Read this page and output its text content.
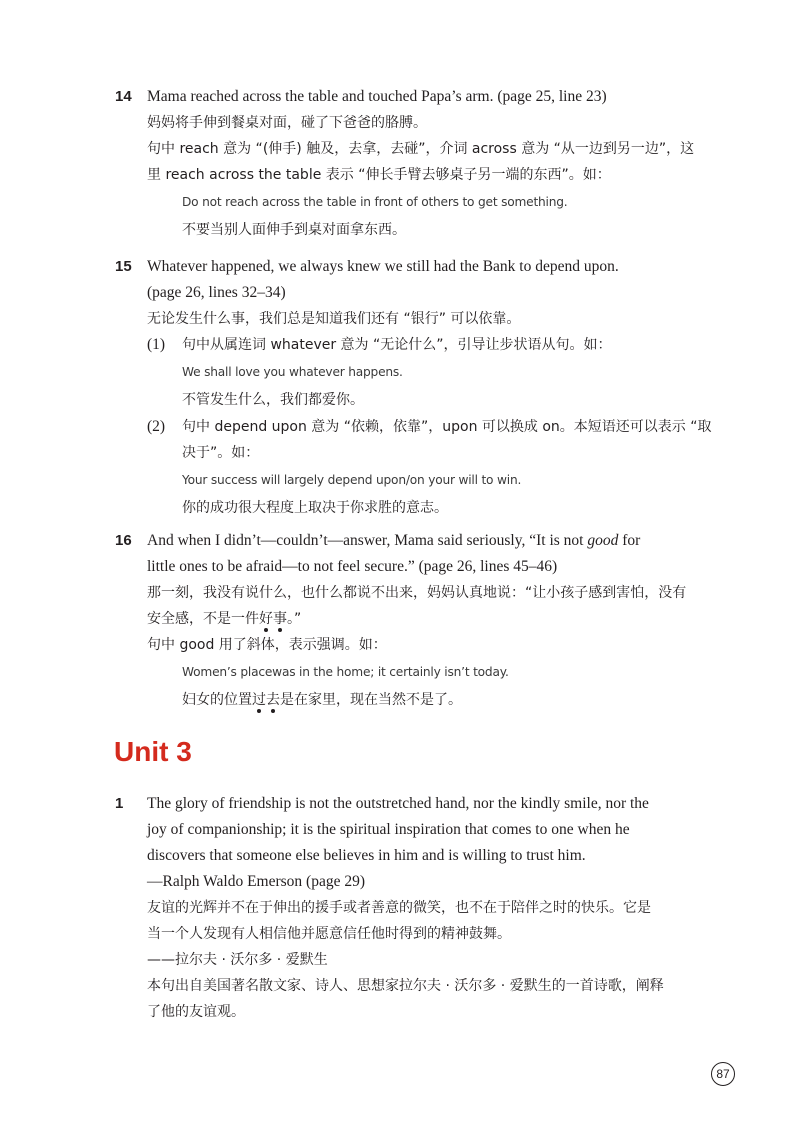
14 Mama reached across the table and touched Papa’s arm. (page 25, line 23)
妈妈将手伸到餐桌对面，碰了下爸爸的胳膊。
句中 reach 意为 “(伸手) 触及，去拿，去碰”，介词 across 意为 “从一边到另一边”，这
里 reach across the table 表示 “伸长手臂去够桌子另一端的东西”。如：
Do not reach across the table in front of others to get something.
不要当别人面伸手到桌对面拿东西。
15 Whatever happened, we always knew we still had the Bank to depend upon.
(page 26, lines 32–34)
无论发生什么事，我们总是知道我们还有 “银行” 可以依靠。
(1) 句中从属连词 whatever 意为 “无论什么”，引导让步状语从句。如：
We shall love you whatever happens.
不管发生什么，我们都爱你。
(2) 句中 depend upon 意为 “依赖，依靠”，upon 可以换成 on。本短语还可以表示 “取
决于”。如：
Your success will largely depend upon/on your will to win.
你的成功很大程度上取决于你求胜的意志。
16 And when I didn’t—couldn’t—answer, Mama said seriously, “It is not good for
little ones to be afraid—to not feel secure.” (page 26, lines 45–46)
那一刻，我没有说什么，也什么都说不出来，妈妈认真地说：“让小孩子感到害怕，没有
安全感，不是一件好事。”
句中 good 用了斜体，表示强调。如：
Women’s placewas in the home; it certainly isn’t today.
妇女的位置过去是在家里，现在当然不是了。
Unit 3
1	The glory of friendship is not the outstretched hand, nor the kindly smile, nor the
joy of companionship; it is the spiritual inspiration that comes to one when he
discovers that someone else believes in him and is willing to trust him.
—Ralph Waldo Emerson (page 29)
友谊的光辉并不在于伸出的援手或者善意的微笑，也不在于陪伴之时的快乐。它是
当一个人发现有人相信他并愿意信任他时得到的精神鼓舞。
——拉尔夫 · 沃尔多 · 爱默生
本句出自美国著名散文家、诗人、思想家拉尔夫 · 沃尔多 · 爱默生的一首诗歌，阐释
了他的友谊观。
87
